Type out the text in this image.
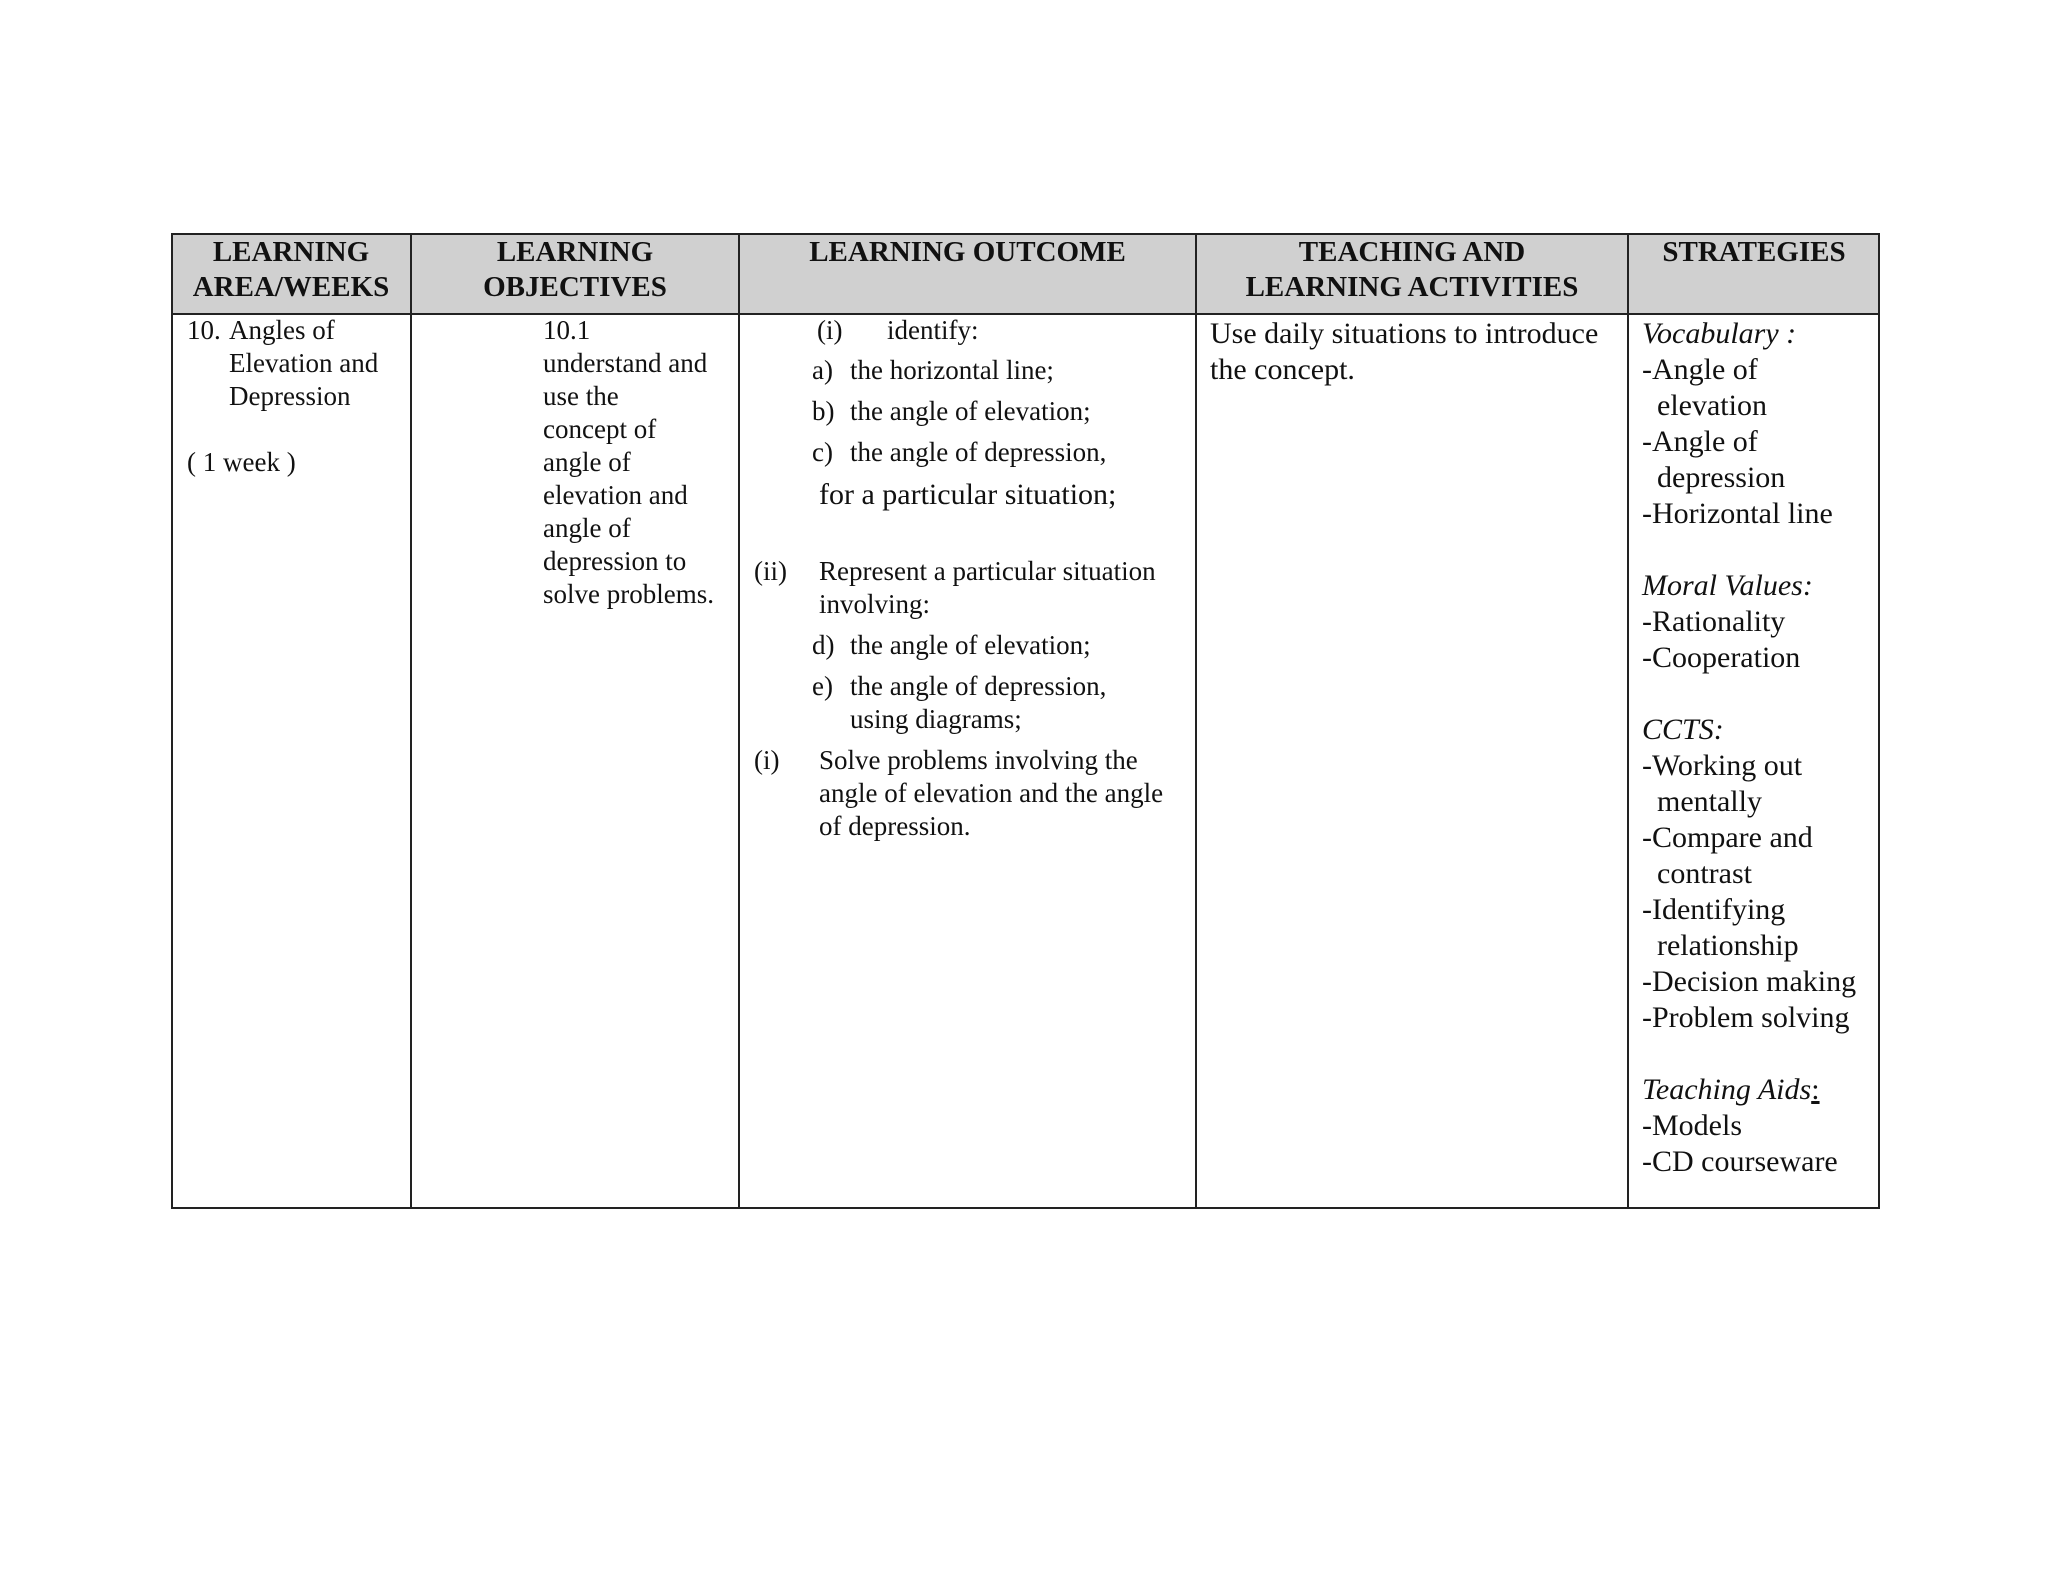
LEARNING
AREA/WEEKS
LEARNING
OBJECTIVES
LEARNING OUTCOME	TEACHING AND
LEARNING ACTIVITIES
STRATEGIES
10. Angles of
Elevation and
Depression
( 1 week )
10.1
understand and
use the
concept of
angle of
elevation and
angle of
depression to
solve problems.
(i) identify:
a) the horizontal line;
b) the angle of elevation;
c) the angle of depression,
for a particular situation;
(ii) Represent a particular situation
involving:
d) the angle of elevation;
e) the angle of depression,
using diagrams;
(i) Solve problems involving the
angle of elevation and the angle
of depression.
Use daily situations to introduce
the concept.
Vocabulary :
-Angle of
elevation
-Angle of
depression
-Horizontal line
Moral Values:
-Rationality
-Cooperation
CCTS:
-Working out
mentally
-Compare and
contrast
-Identifying
relationship
-Decision making
-Problem solving
Teaching Aids:
-Models
-CD courseware
